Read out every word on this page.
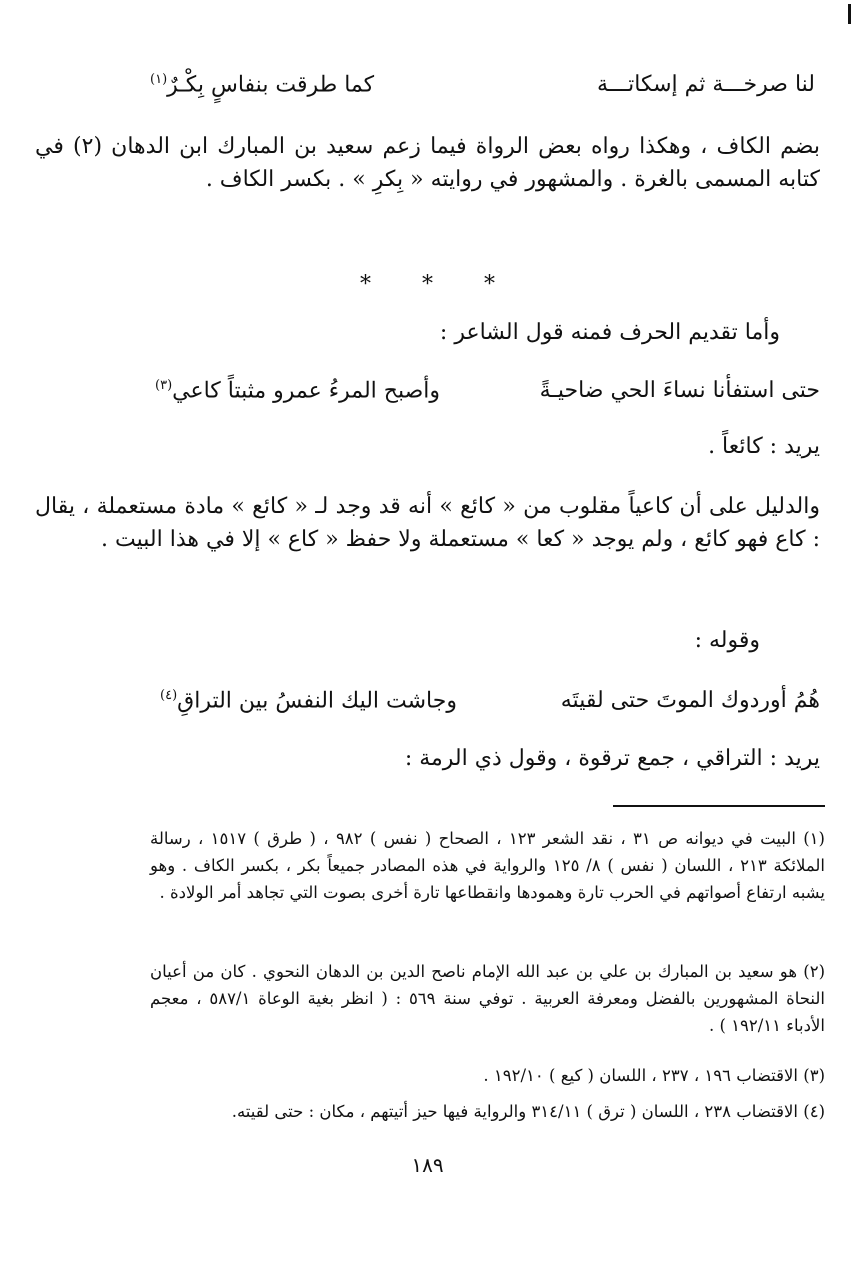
لنا صرخـــة ثم إسكاتـــة
كما طرقت بنفاسٍ بِكْـرٌ$^{(١)}$
بضم الكاف ، وهكذا رواه بعض الرواة فيما زعم سعيد بن المبارك ابن الدهان (٢) في كتابه المسمى بالغرة . والمشهور في روايته « بِكرِ » . بكسر الكاف .
* * *
وأما تقديم الحرف فمنه قول الشاعر :
حتى استفأنا نساءَ الحي ضاحيـةً
وأصبح المرءُ عمرو مثبتاً كاعي$^{(٣)}$
يريد : كائعاً .
والدليل على أن كاعياً مقلوب من « كائع » أنه قد وجد لـ « كائع » مادة مستعملة ، يقال : كاع فهو كائع ، ولم يوجد « كعا » مستعملة ولا حفظ « كاع » إلا في هذا البيت .
وقوله :
هُمُ أوردوك الموتَ حتى لقيتَه
وجاشت اليك النفسُ بين التراقِ$^{(٤)}$
يريد : التراقي ، جمع ترقوة ، وقول ذي الرمة :
(١) البيت في ديوانه ص ٣١ ، نقد الشعر ١٢٣ ، الصحاح ( نفس ) ٩٨٢ ، ( طرق ) ١٥١٧ ، رسالة الملائكة ٢١٣ ، اللسان ( نفس ) ٨/ ١٢٥ والرواية في هذه المصادر جميعاً بكر ، بكسر الكاف . وهو يشبه ارتفاع أصواتهم في الحرب تارة وهمودها وانقطاعها تارة أخرى بصوت التي تجاهد أمر الولادة .
(٢) هو سعيد بن المبارك بن علي بن عبد الله الإمام ناصح الدين بن الدهان النحوي . كان من أعيان النحاة المشهورين بالفضل ومعرفة العربية . توفي سنة ٥٦٩ : ( انظر بغية الوعاة ٥٨٧/١ ، معجم الأدباء ١٩٢/١١ ) .
(٣) الاقتضاب ١٩٦ ، ٢٣٧ ، اللسان ( كيع ) ١٩٢/١٠ .
(٤) الاقتضاب ٢٣٨ ، اللسان ( ترق ) ٣١٤/١١ والرواية فيها حيز أتيتهم ، مكان : حتى لقيته.
١٨٩
